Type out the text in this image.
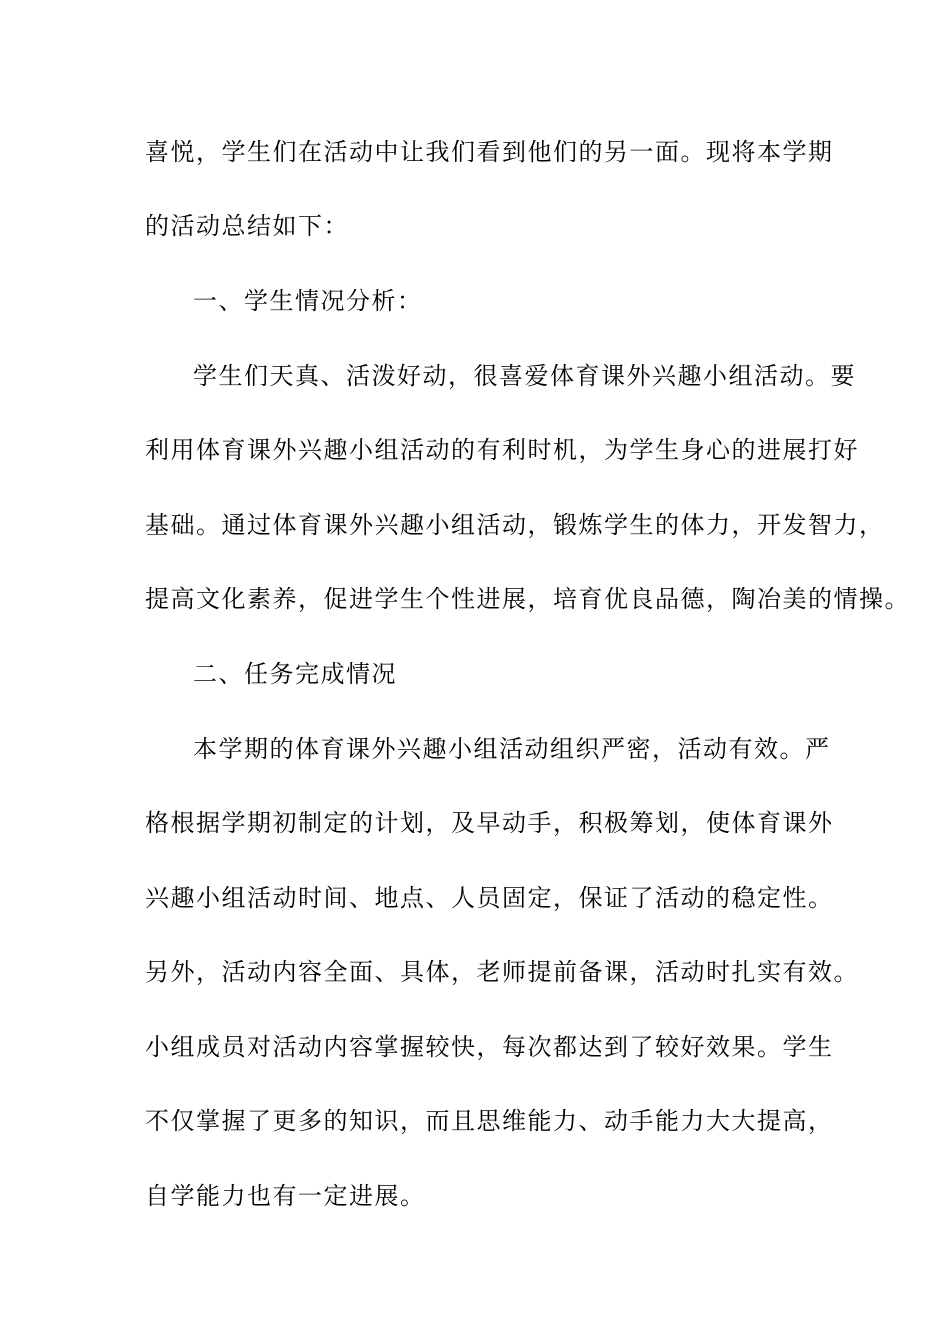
喜悦，学生们在活动中让我们看到他们的另一面。现将本学期
的活动总结如下：
一、学生情况分析：
学生们天真、活泼好动，很喜爱体育课外兴趣小组活动。要
利用体育课外兴趣小组活动的有利时机，为学生身心的进展打好
基础。通过体育课外兴趣小组活动，锻炼学生的体力，开发智力，
提高文化素养，促进学生个性进展，培育优良品德，陶冶美的情操。
二、任务完成情况
本学期的体育课外兴趣小组活动组织严密，活动有效。严
格根据学期初制定的计划，及早动手，积极筹划，使体育课外
兴趣小组活动时间、地点、人员固定，保证了活动的稳定性。
另外，活动内容全面、具体，老师提前备课，活动时扎实有效。
小组成员对活动内容掌握较快，每次都达到了较好效果。学生
不仅掌握了更多的知识，而且思维能力、动手能力大大提高，
自学能力也有一定进展。
